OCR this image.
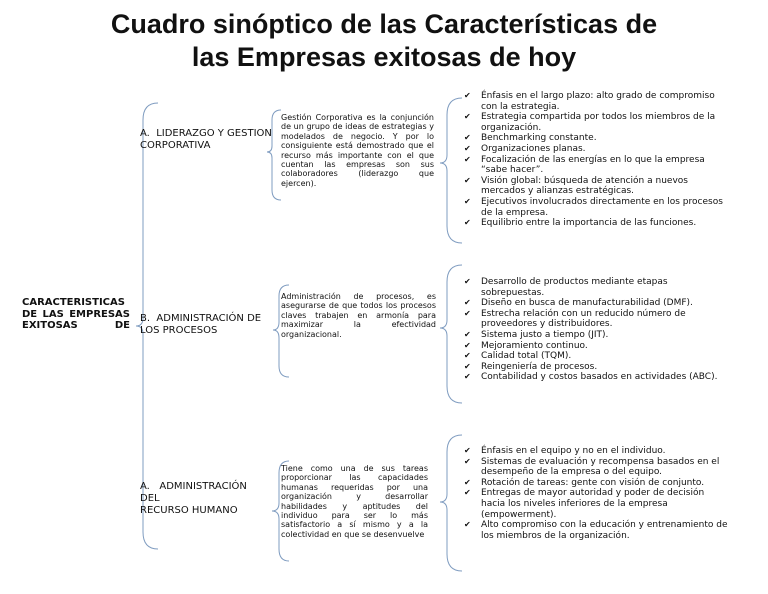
Cuadro sinóptico de las Características de las Empresas exitosas de hoy
CARACTERISTICAS DE LAS EMPRESAS EXITOSAS DE
A.  LIDERAZGO Y GESTION
CORPORATIVA
Gestión Corporativa es la conjunción de un grupo de ideas de estrategias y modelados de negocio. Y por lo consiguiente está demostrado que el recurso más importante con el que cuentan las empresas son sus colaboradores (liderazgo que ejercen).
✔ Énfasis en el largo plazo: alto grado de compromiso con la estrategia.
✔ Estrategia compartida por todos los miembros de la organización.
✔ Benchmarking constante.
✔ Organizaciones planas.
✔ Focalización de las energías en lo que la empresa “sabe hacer”.
✔ Visión global: búsqueda de atención a nuevos mercados y alianzas estratégicas.
✔ Ejecutivos involucrados directamente en los procesos de la empresa.
✔ Equilibrio entre la importancia de las funciones.
B.  ADMINISTRACIÓN DE
LOS PROCESOS
Administración de procesos, es asegurarse de que todos los procesos claves trabajen en armonía para maximizar la efectividad organizacional.
✔ Desarrollo de productos mediante etapas sobrepuestas.
✔ Diseño en busca de manufacturabilidad (DMF).
✔ Estrecha relación con un reducido número de proveedores y distribuidores.
✔ Sistema justo a tiempo (JIT).
✔ Mejoramiento continuo.
✔ Calidad total (TQM).
✔ Reingeniería de procesos.
✔ Contabilidad y costos basados en actividades (ABC).
A.   ADMINISTRACIÓN
DEL
RECURSO HUMANO
Tiene como una de sus tareas proporcionar las capacidades humanas requeridas por una organización y desarrollar habilidades y aptitudes del individuo para ser lo más satisfactorio a sí mismo y a la colectividad en que se desenvuelve
✔ Énfasis en el equipo y no en el individuo.
✔ Sistemas de evaluación y recompensa basados en el desempeño de la empresa o del equipo.
✔ Rotación de tareas: gente con visión de conjunto.
✔ Entregas de mayor autoridad y poder de decisión hacia los niveles inferiores de la empresa (empowerment).
✔ Alto compromiso con la educación y entrenamiento de los miembros de la organización.
